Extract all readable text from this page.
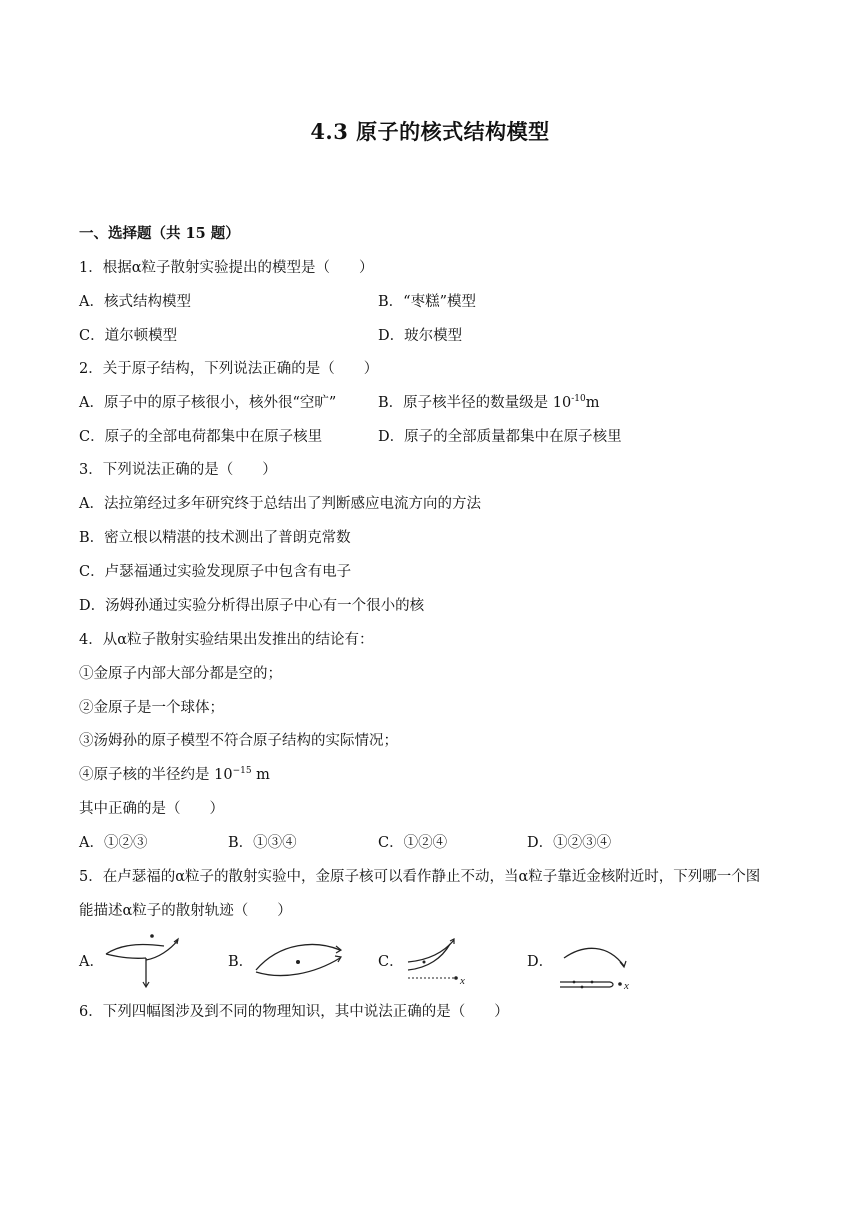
4.3 原子的核式结构模型
一、选择题（共 15 题）
1．根据α粒子散射实验提出的模型是（　　）
A．核式结构模型	B．“枣糕”模型
C．道尔顿模型	D．玻尔模型
2．关于原子结构，下列说法正确的是（　　）
A．原子中的原子核很小，核外很“空旷”	B．原子核半径的数量级是 $10^{-10}m$
C．原子的全部电荷都集中在原子核里	D．原子的全部质量都集中在原子核里
3．下列说法正确的是（　　）
A．法拉第经过多年研究终于总结出了判断感应电流方向的方法
B．密立根以精湛的技术测出了普朗克常数
C．卢瑟福通过实验发现原子中包含有电子
D．汤姆孙通过实验分析得出原子中心有一个很小的核
4．从α粒子散射实验结果出发推出的结论有：
①金原子内部大部分都是空的；
②金原子是一个球体；
③汤姆孙的原子模型不符合原子结构的实际情况；
④原子核的半径约是 $10^{-15}$ m
其中正确的是（　　）
A．①②③	B．①③④	C．①②④	D．①②③④
5．在卢瑟福的α粒子的散射实验中，金原子核可以看作静止不动，当α粒子靠近金核附近时，下列哪一个图
能描述α粒子的散射轨迹（　　）
A．	B．	C．
x
D．
x
6．下列四幅图涉及到不同的物理知识，其中说法正确的是（　　）
